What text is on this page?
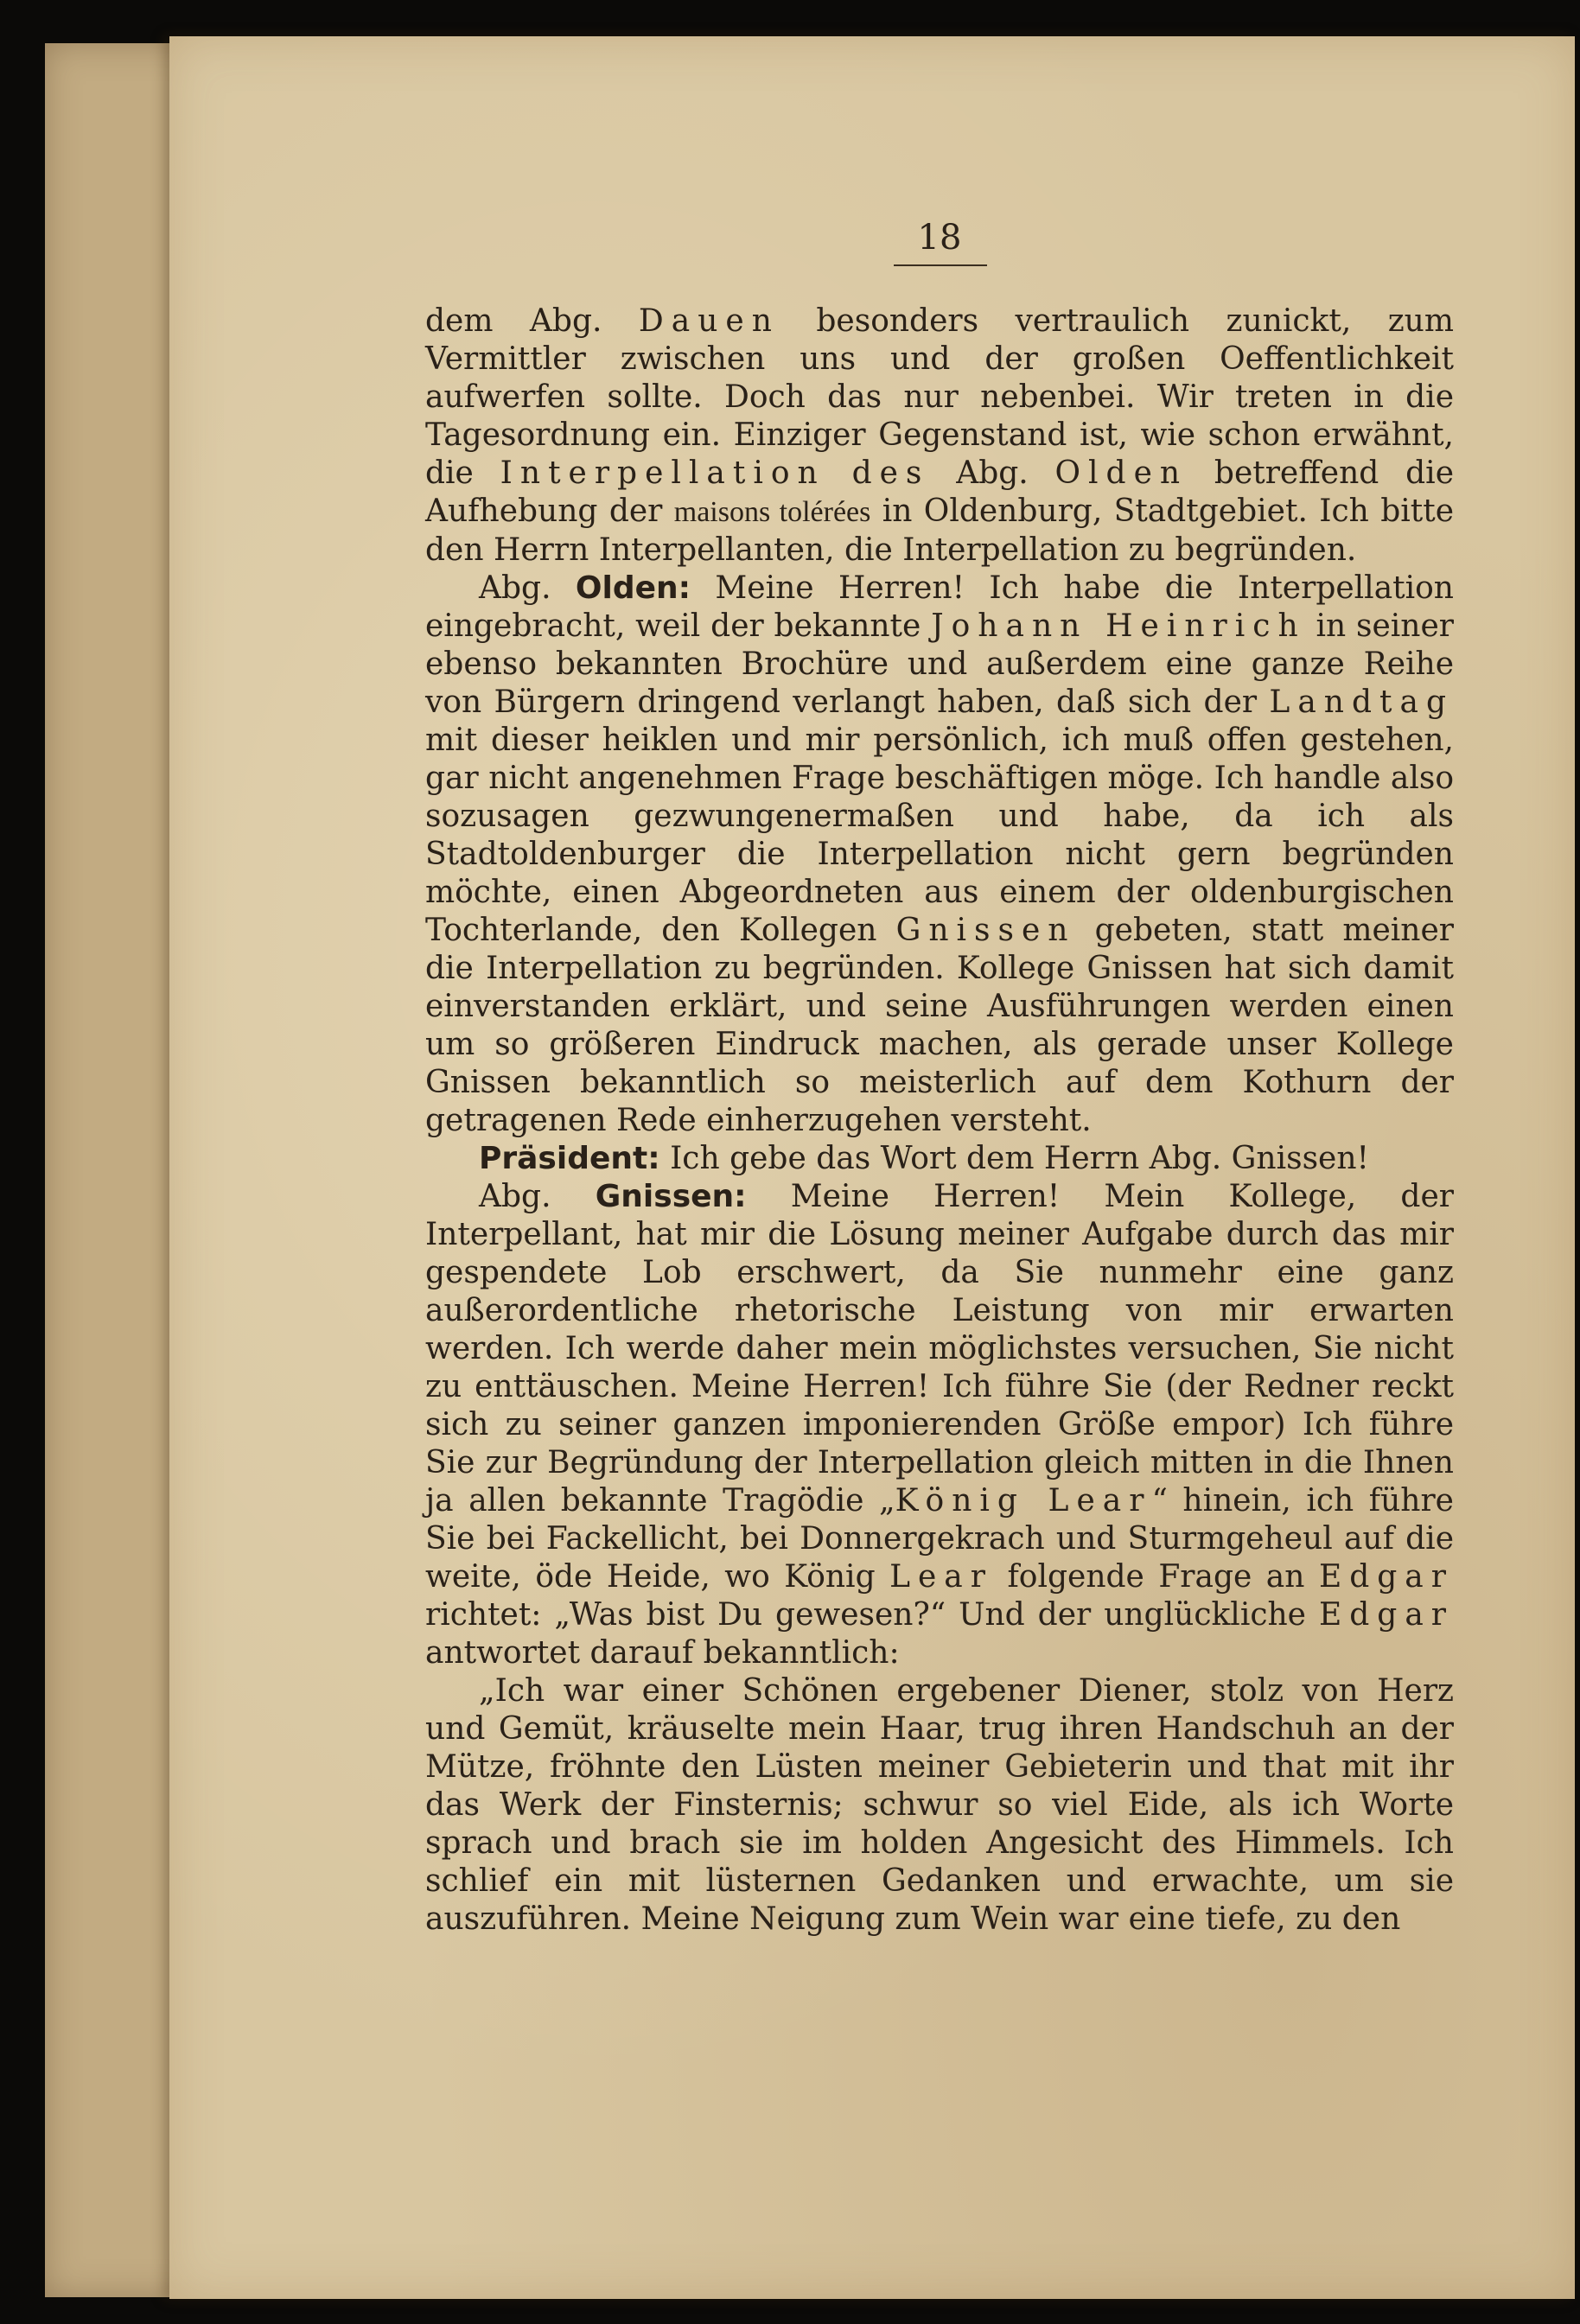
18

dem Abg. Dauen besonders vertraulich zunickt, zum Vermittler zwischen uns und der großen Oeffentlichkeit aufwerfen sollte. Doch das nur nebenbei. Wir treten in die Tagesordnung ein. Einziger Gegenstand ist, wie schon erwähnt, die Interpellation des Abg. Olden betreffend die Aufhebung der maisons tolérées in Oldenburg, Stadtgebiet. Ich bitte den Herrn Interpellanten, die Interpellation zu begründen.

Abg. Olden: Meine Herren! Ich habe die Interpellation eingebracht, weil der bekannte Johann Heinrich in seiner ebenso bekannten Brochüre und außerdem eine ganze Reihe von Bürgern dringend verlangt haben, daß sich der Landtag mit dieser heiklen und mir persönlich, ich muß offen gestehen, gar nicht angenehmen Frage beschäftigen möge. Ich handle also sozusagen gezwungenermaßen und habe, da ich als Stadtoldenburger die Interpellation nicht gern begründen möchte, einen Abgeordneten aus einem der oldenburgischen Tochterlande, den Kollegen Gnissen gebeten, statt meiner die Interpellation zu begründen. Kollege Gnissen hat sich damit einverstanden erklärt, und seine Ausführungen werden einen um so größeren Eindruck machen, als gerade unser Kollege Gnissen bekanntlich so meisterlich auf dem Kothurn der getragenen Rede einherzugehen versteht.

Präsident: Ich gebe das Wort dem Herrn Abg. Gnissen!

Abg. Gnissen: Meine Herren! Mein Kollege, der Interpellant, hat mir die Lösung meiner Aufgabe durch das mir gespendete Lob erschwert, da Sie nunmehr eine ganz außerordentliche rhetorische Leistung von mir erwarten werden. Ich werde daher mein möglichstes versuchen, Sie nicht zu enttäuschen. Meine Herren! Ich führe Sie (der Redner reckt sich zu seiner ganzen imponierenden Größe empor) Ich führe Sie zur Begründung der Interpellation gleich mitten in die Ihnen ja allen bekannte Tragödie „König Lear“ hinein, ich führe Sie bei Fackellicht, bei Donnergekrach und Sturmgeheul auf die weite, öde Heide, wo König Lear folgende Frage an Edgar richtet: „Was bist Du gewesen?“ Und der unglückliche Edgar antwortet darauf bekanntlich:

„Ich war einer Schönen ergebener Diener, stolz von Herz und Gemüt, kräuselte mein Haar, trug ihren Handschuh an der Mütze, fröhnte den Lüsten meiner Gebieterin und that mit ihr das Werk der Finsternis; schwur so viel Eide, als ich Worte sprach und brach sie im holden Angesicht des Himmels. Ich schlief ein mit lüsternen Gedanken und erwachte, um sie auszuführen. Meine Neigung zum Wein war eine tiefe, zu den
